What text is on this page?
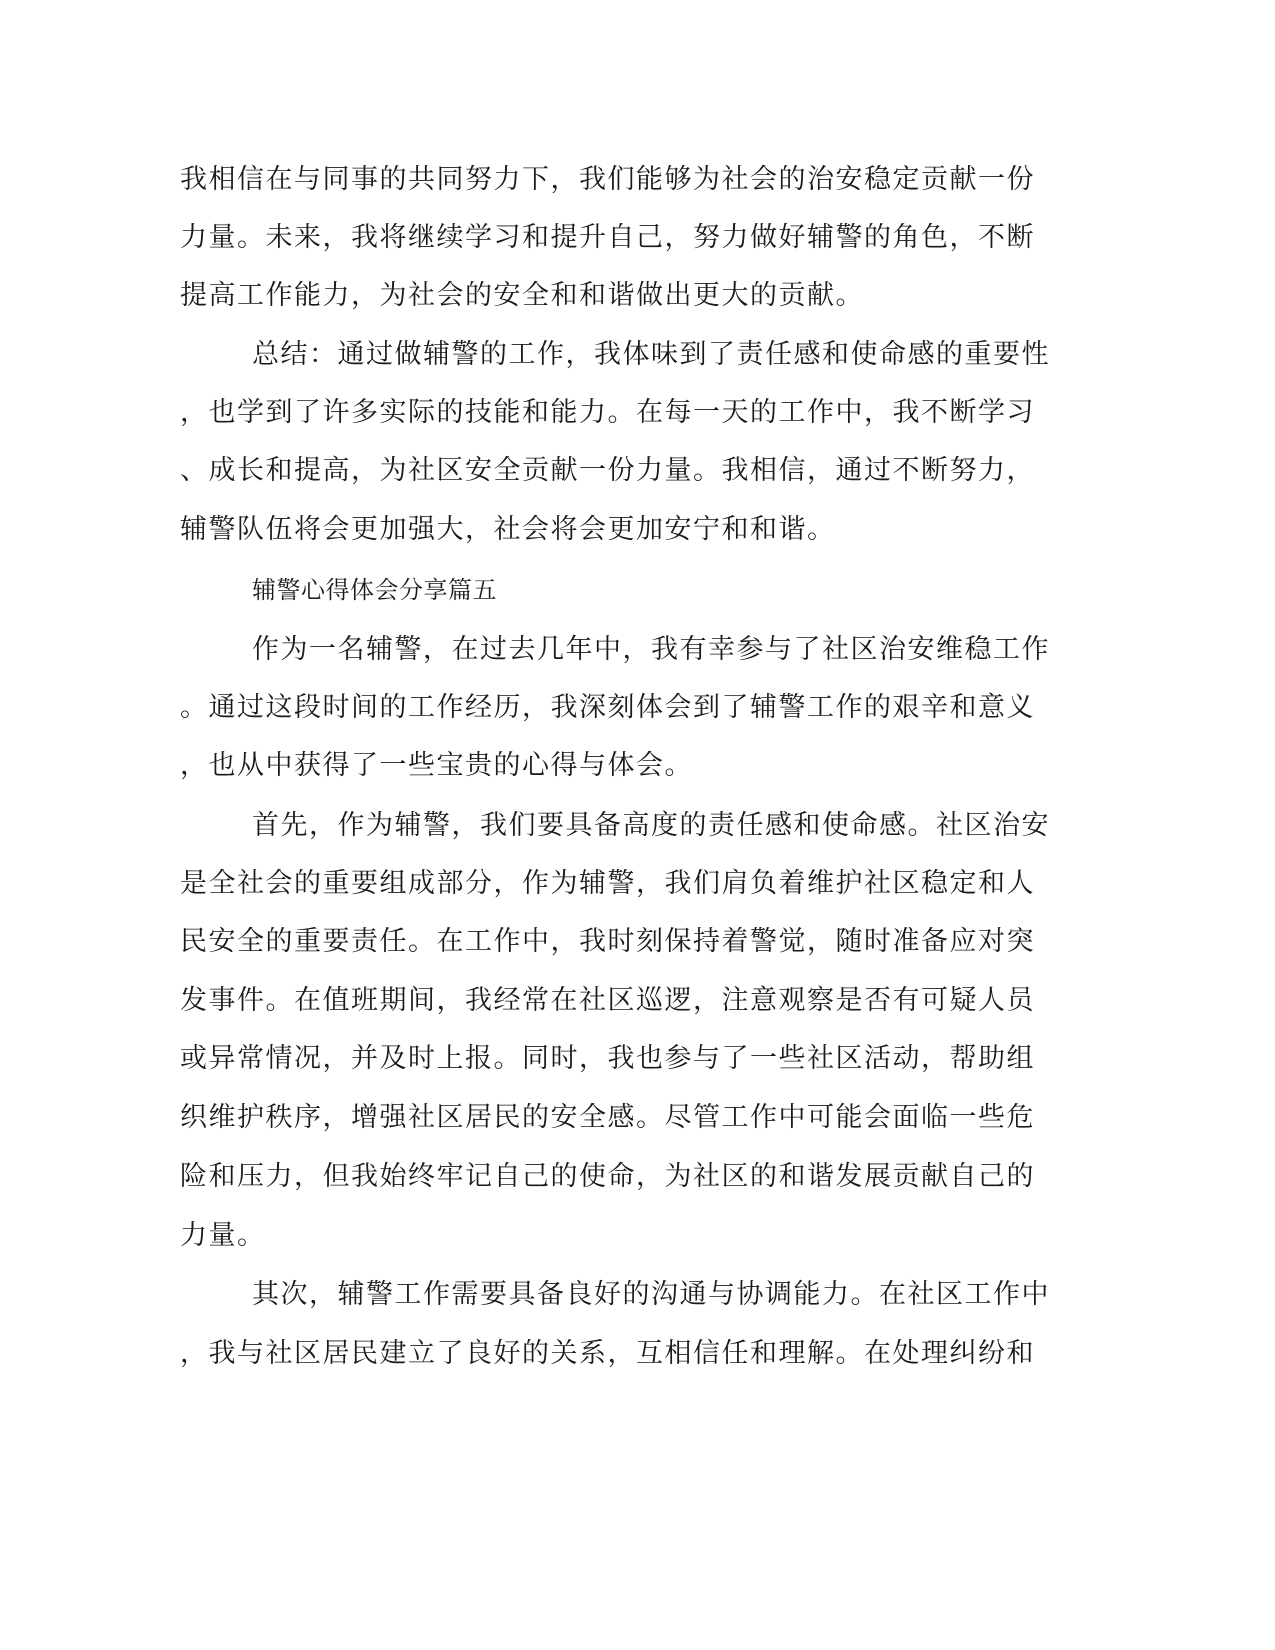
我相信在与同事的共同努力下，我们能够为社会的治安稳定贡献一份
力量。未来，我将继续学习和提升自己，努力做好辅警的角色，不断
提高工作能力，为社会的安全和和谐做出更大的贡献。
总结：通过做辅警的工作，我体味到了责任感和使命感的重要性
，也学到了许多实际的技能和能力。在每一天的工作中，我不断学习
、成长和提高，为社区安全贡献一份力量。我相信，通过不断努力，
辅警队伍将会更加强大，社会将会更加安宁和和谐。
辅警心得体会分享篇五
作为一名辅警，在过去几年中，我有幸参与了社区治安维稳工作
。通过这段时间的工作经历，我深刻体会到了辅警工作的艰辛和意义
，也从中获得了一些宝贵的心得与体会。
首先，作为辅警，我们要具备高度的责任感和使命感。社区治安
是全社会的重要组成部分，作为辅警，我们肩负着维护社区稳定和人
民安全的重要责任。在工作中，我时刻保持着警觉，随时准备应对突
发事件。在值班期间，我经常在社区巡逻，注意观察是否有可疑人员
或异常情况，并及时上报。同时，我也参与了一些社区活动，帮助组
织维护秩序，增强社区居民的安全感。尽管工作中可能会面临一些危
险和压力，但我始终牢记自己的使命，为社区的和谐发展贡献自己的
力量。
其次，辅警工作需要具备良好的沟通与协调能力。在社区工作中
，我与社区居民建立了良好的关系，互相信任和理解。在处理纠纷和
